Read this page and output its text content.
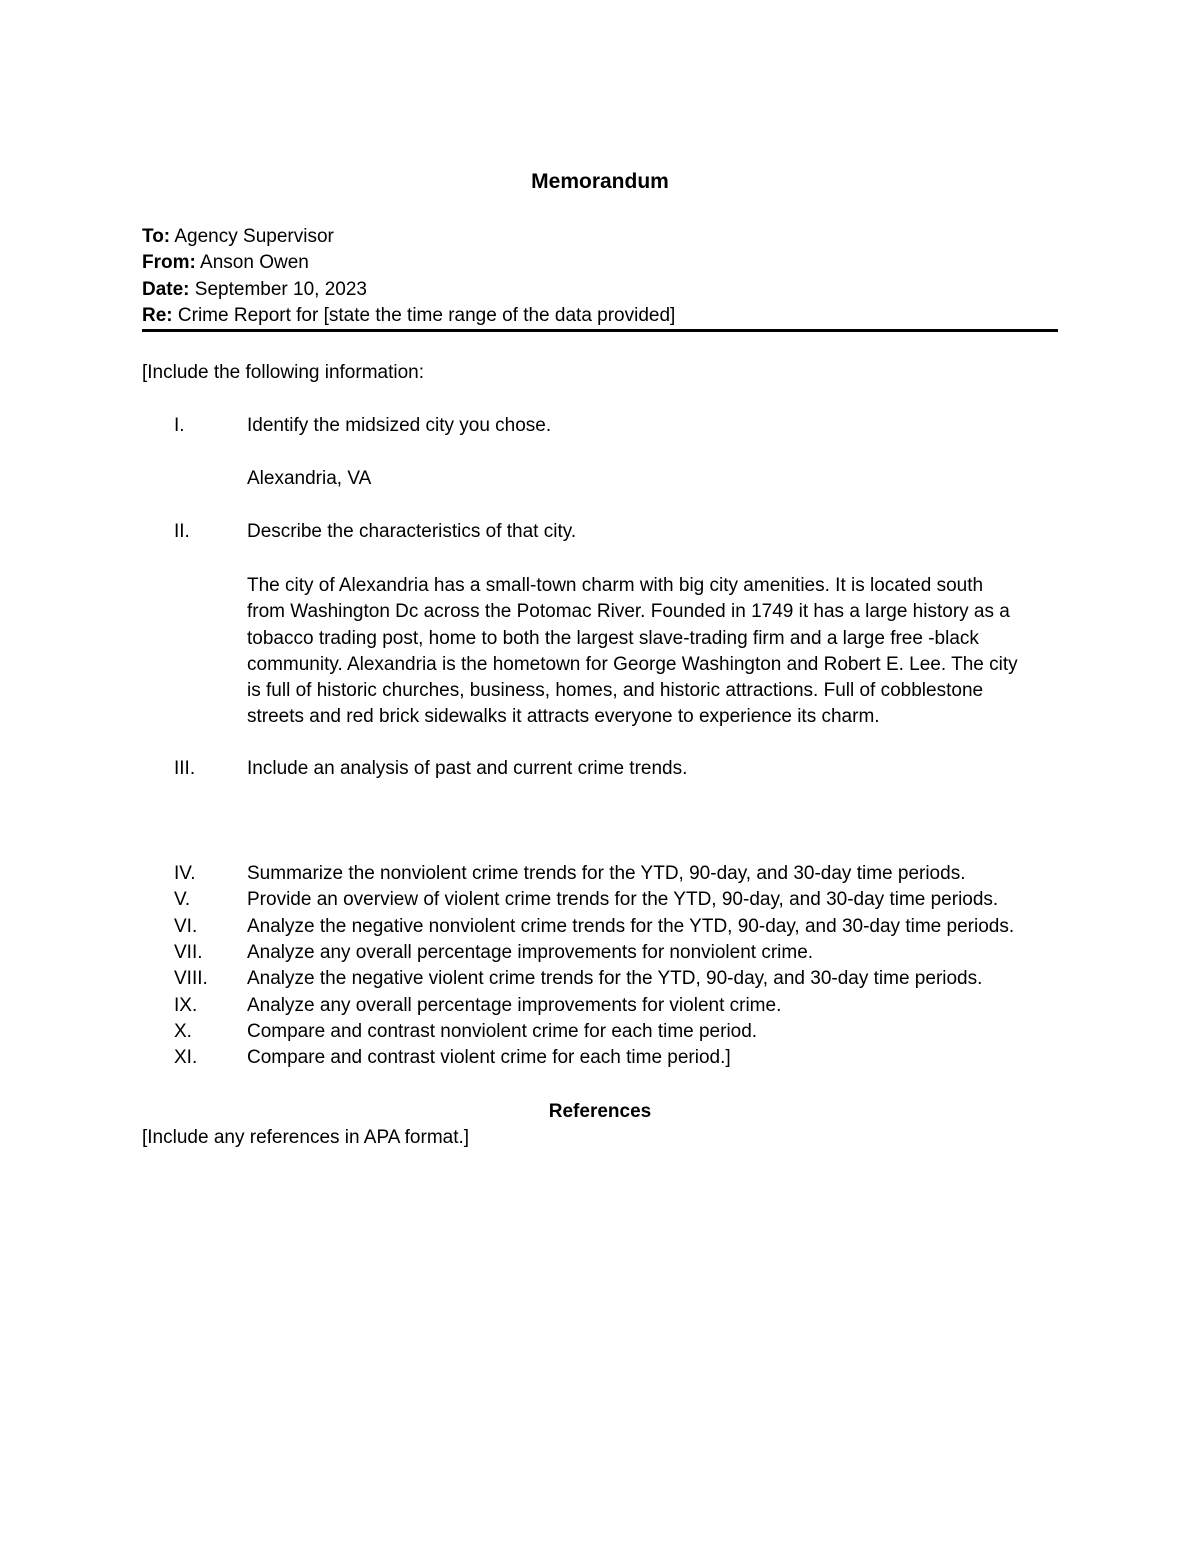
Memorandum
To: Agency Supervisor
From: Anson Owen
Date: September 10, 2023
Re: Crime Report for [state the time range of the data provided]
[Include the following information:
I.	Identify the midsized city you chose.
Alexandria, VA
II.	Describe the characteristics of that city.
The city of Alexandria has a small-town charm with big city amenities. It is located south
from Washington Dc across the Potomac River. Founded in 1749 it has a large history as a
tobacco trading post, home to both the largest slave-trading firm and a large free -black
community. Alexandria is the hometown for George Washington and Robert E. Lee. The city
is full of historic churches, business, homes, and historic attractions. Full of cobblestone
streets and red brick sidewalks it attracts everyone to experience its charm.
III.	Include an analysis of past and current crime trends.
IV.	Summarize the nonviolent crime trends for the YTD, 90-day, and 30-day time periods.
V.	Provide an overview of violent crime trends for the YTD, 90-day, and 30-day time periods.
VI.	Analyze the negative nonviolent crime trends for the YTD, 90-day, and 30-day time periods.
VII. Analyze any overall percentage improvements for nonviolent crime.
VIII. Analyze the negative violent crime trends for the YTD, 90-day, and 30-day time periods.
IX.	Analyze any overall percentage improvements for violent crime.
X.	Compare and contrast nonviolent crime for each time period.
XI.	Compare and contrast violent crime for each time period.]
References
[Include any references in APA format.]
